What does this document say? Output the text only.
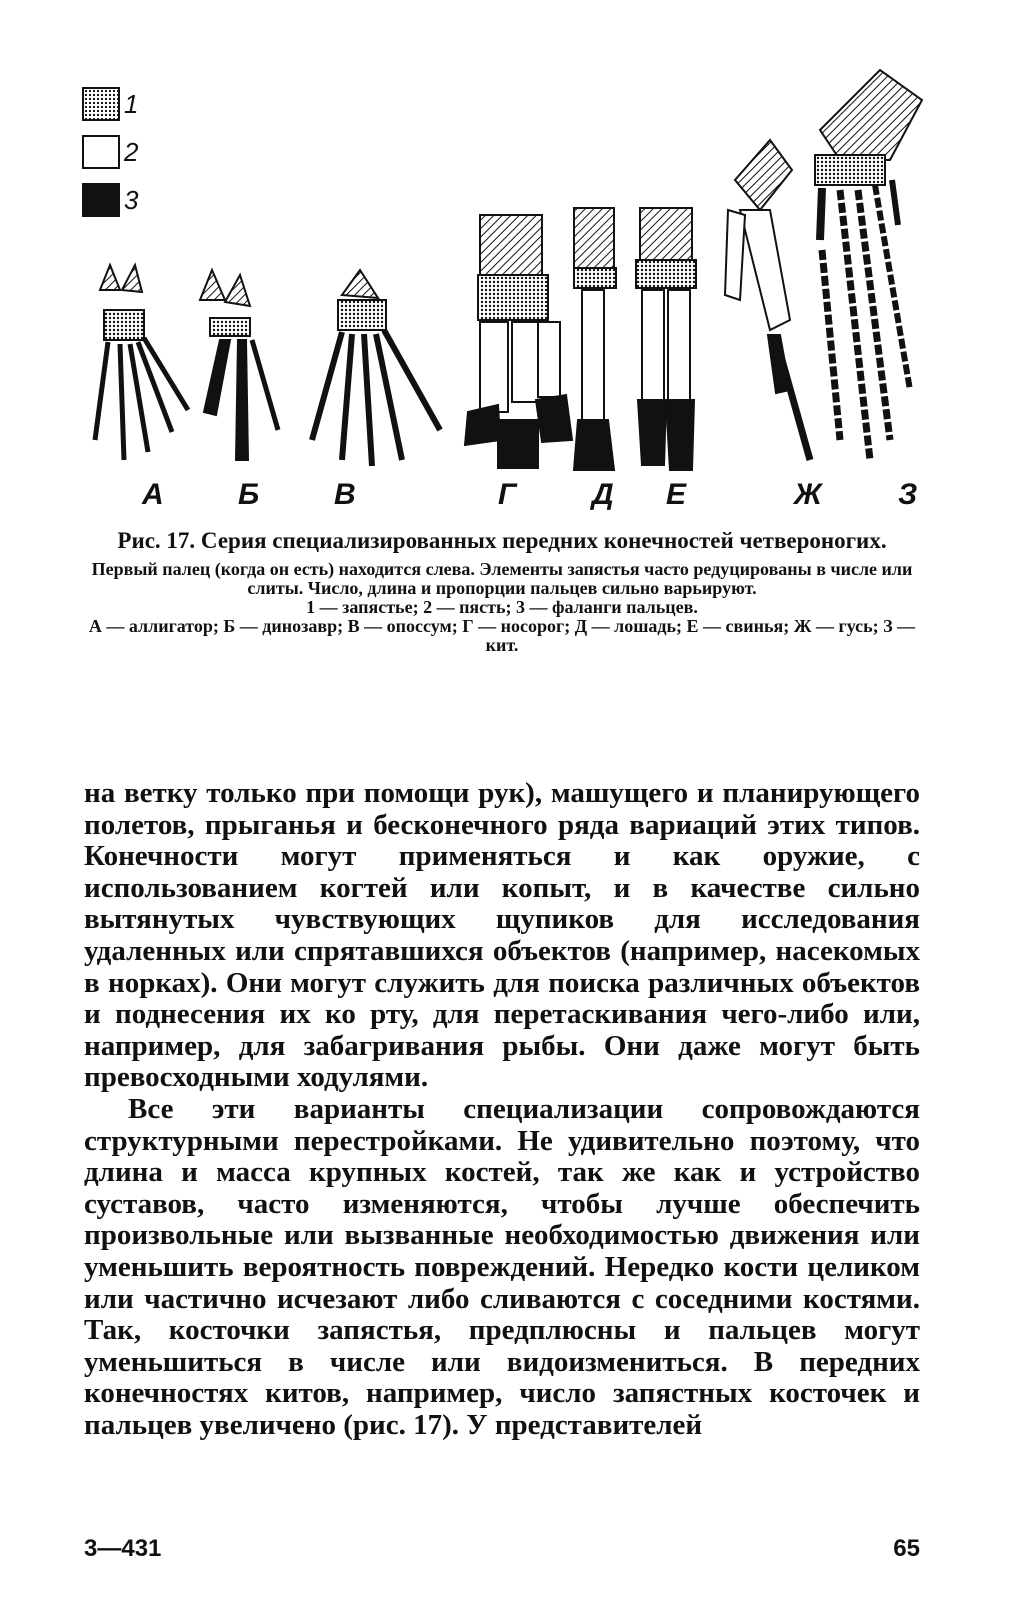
1
2
3
А Б В	Г	Д Е	Ж	З
Рис. 17. Серия специализированных передних конечностей четвероногих.

Первый палец (когда он есть) находится слева. Элементы запястья часто редуцированы в числе или слиты. Число, длина и пропорции пальцев сильно варьируют.

1 — запястье; 2 — пясть; 3 — фаланги пальцев.

А — аллигатор; Б — динозавр; В — опоссум; Г — носорог; Д — лошадь; Е — свинья; Ж — гусь; З — кит.

на ветку только при помощи рук), машущего и планирующего полетов, прыганья и бесконечного ряда вариаций этих типов. Конечности могут применяться и как оружие, с использованием когтей или копыт, и в качестве сильно вытянутых чувствующих щупиков для исследования удаленных или спрятавшихся объектов (например, насекомых в норках). Они могут служить для поиска различных объектов и поднесения их ко рту, для перетаскивания чего-либо или, например, для забагривания рыбы. Они даже могут быть превосходными ходулями.

Все эти варианты специализации сопровождаются структурными перестройками. Не удивительно поэтому, что длина и масса крупных костей, так же как и устройство суставов, часто изменяются, чтобы лучше обеспечить произвольные или вызванные необходимостью движения или уменьшить вероятность повреждений. Нередко кости целиком или частично исчезают либо сливаются с соседними костями. Так, косточки запястья, предплюсны и пальцев могут уменьшиться в числе или видоизмениться. В передних конечностях китов, например, число запястных косточек и пальцев увеличено (рис. 17). У представителей

3—431	65
